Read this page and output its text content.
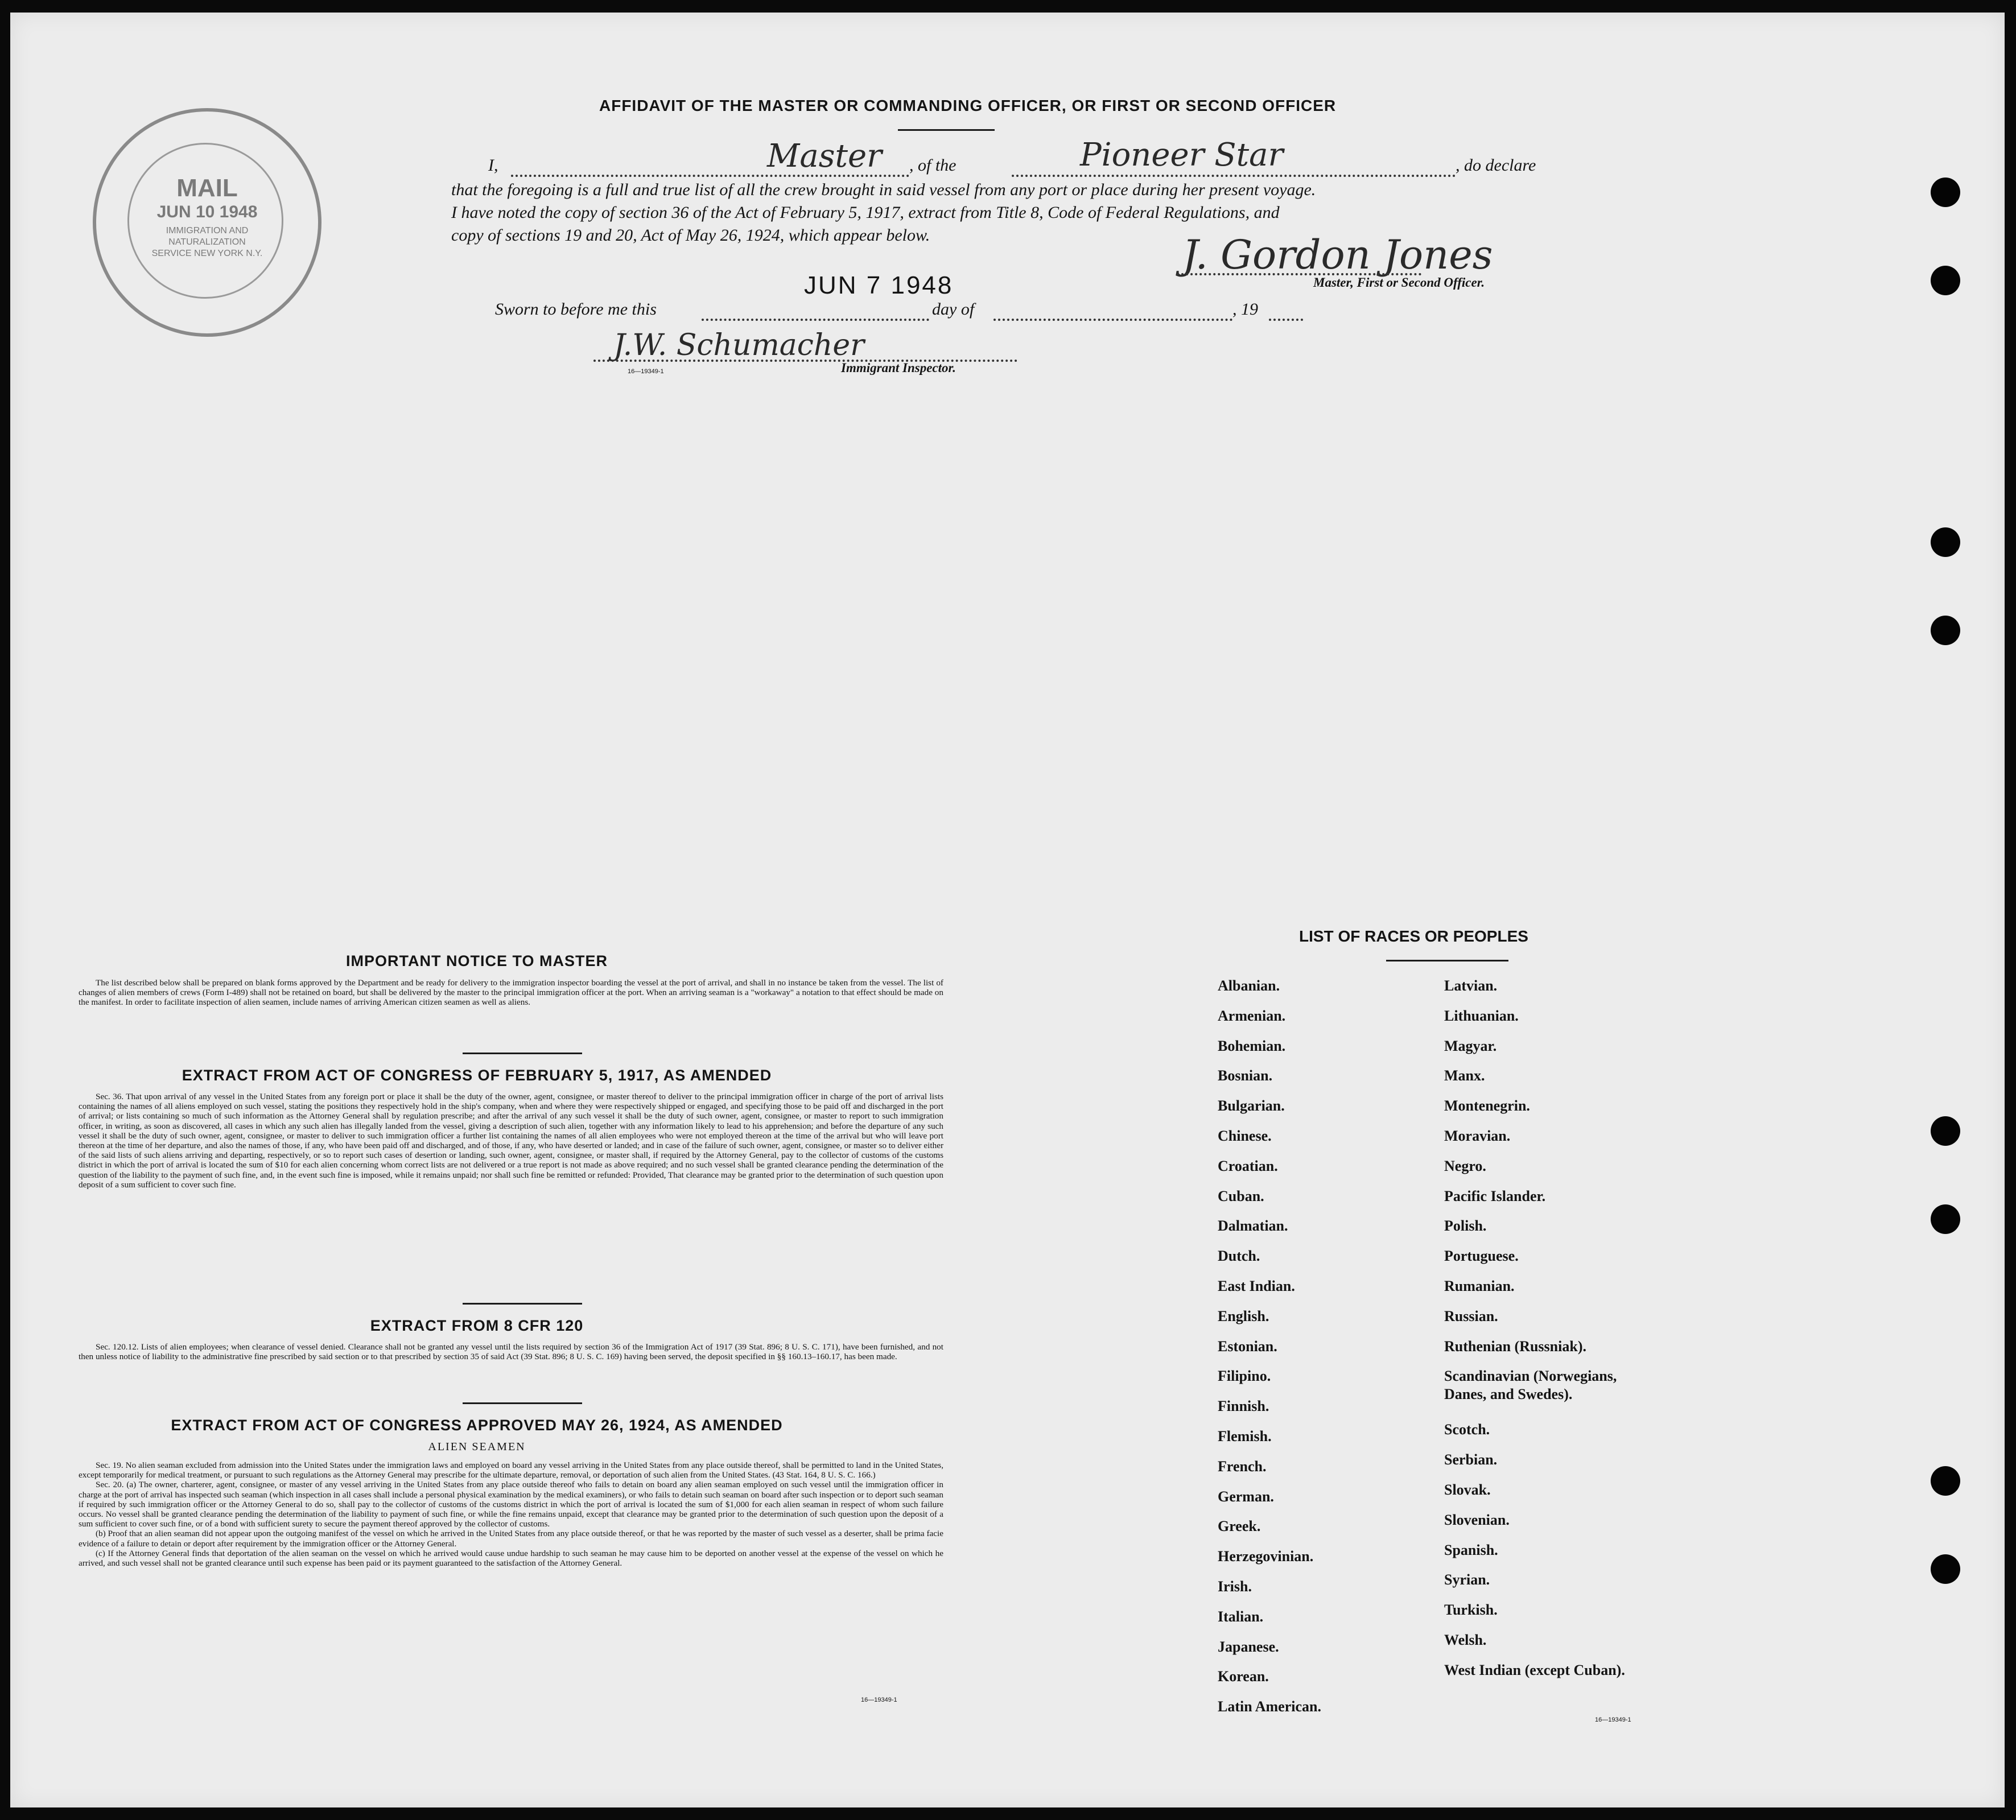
MAIL
JUN 10 1948
IMMIGRATION AND NATURALIZATION SERVICE NEW YORK N.Y.
AFFIDAVIT OF THE MASTER OR COMMANDING OFFICER, OR FIRST OR SECOND OFFICER
I,	Master , of the	Pioneer Star	, do declare
that the foregoing is a full and true list of all the crew brought in said vessel from any port or place during her present voyage.
I have noted the copy of section 36 of the Act of February 5, 1917, extract from Title 8, Code of Federal Regulations, and
copy of sections 19 and 20, Act of May 26, 1924, which appear below.	J. Gordon Jones
Master, First or Second Officer.
Sworn to before me this
JUN 7 1948
day of	, 19
J.W. Schumacher
16—19349-1	Immigrant Inspector.
IMPORTANT NOTICE TO MASTER

The list described below shall be prepared on blank forms approved by the Department and be ready for delivery to the immigration inspector boarding the vessel at the port of arrival, and shall in no instance be taken from the vessel. The list of changes of alien members of crews (Form I-489) shall not be retained on board, but shall be delivered by the master to the principal immigration officer at the port. When an arriving seaman is a "workaway" a notation to that effect should be made on the manifest. In order to facilitate inspection of alien seamen, include names of arriving American citizen seamen as well as aliens.

EXTRACT FROM ACT OF CONGRESS OF FEBRUARY 5, 1917, AS AMENDED

Sec. 36. That upon arrival of any vessel in the United States from any foreign port or place it shall be the duty of the owner, agent, consignee, or master thereof to deliver to the principal immigration officer in charge of the port of arrival lists containing the names of all aliens employed on such vessel, stating the positions they respectively hold in the ship's company, when and where they were respectively shipped or engaged, and specifying those to be paid off and discharged in the port of arrival; or lists containing so much of such information as the Attorney General shall by regulation prescribe; and after the arrival of any such vessel it shall be the duty of such owner, agent, consignee, or master to report to such immigration officer, in writing, as soon as discovered, all cases in which any such alien has illegally landed from the vessel, giving a description of such alien, together with any information likely to lead to his apprehension; and before the departure of any such vessel it shall be the duty of such owner, agent, consignee, or master to deliver to such immigration officer a further list containing the names of all alien employees who were not employed thereon at the time of the arrival but who will leave port thereon at the time of her departure, and also the names of those, if any, who have been paid off and discharged, and of those, if any, who have deserted or landed; and in case of the failure of such owner, agent, consignee, or master so to deliver either of the said lists of such aliens arriving and departing, respectively, or so to report such cases of desertion or landing, such owner, agent, consignee, or master shall, if required by the Attorney General, pay to the collector of customs of the customs district in which the port of arrival is located the sum of $10 for each alien concerning whom correct lists are not delivered or a true report is not made as above required; and no such vessel shall be granted clearance pending the determination of the question of the liability to the payment of such fine, and, in the event such fine is imposed, while it remains unpaid; nor shall such fine be remitted or refunded: Provided, That clearance may be granted prior to the determination of such question upon deposit of a sum sufficient to cover such fine.

EXTRACT FROM 8 CFR 120

Sec. 120.12. Lists of alien employees; when clearance of vessel denied. Clearance shall not be granted any vessel until the lists required by section 36 of the Immigration Act of 1917 (39 Stat. 896; 8 U. S. C. 171), have been furnished, and not then unless notice of liability to the administrative fine prescribed by said section or to that prescribed by section 35 of said Act (39 Stat. 896; 8 U. S. C. 169) having been served, the deposit specified in §§ 160.13–160.17, has been made.

EXTRACT FROM ACT OF CONGRESS APPROVED MAY 26, 1924, AS AMENDED
ALIEN SEAMEN

Sec. 19. No alien seaman excluded from admission into the United States under the immigration laws and employed on board any vessel arriving in the United States from any place outside thereof, shall be permitted to land in the United States, except temporarily for medical treatment, or pursuant to such regulations as the Attorney General may prescribe for the ultimate departure, removal, or deportation of such alien from the United States. (43 Stat. 164, 8 U. S. C. 166.)

Sec. 20. (a) The owner, charterer, agent, consignee, or master of any vessel arriving in the United States from any place outside thereof who fails to detain on board any alien seaman employed on such vessel until the immigration officer in charge at the port of arrival has inspected such seaman (which inspection in all cases shall include a personal physical examination by the medical examiners), or who fails to detain such seaman on board after such inspection or to deport such seaman if required by such immigration officer or the Attorney General to do so, shall pay to the collector of customs of the customs district in which the port of arrival is located the sum of $1,000 for each alien seaman in respect of whom such failure occurs. No vessel shall be granted clearance pending the determination of the liability to payment of such fine, or while the fine remains unpaid, except that clearance may be granted prior to the determination of such question upon the deposit of a sum sufficient to cover such fine, or of a bond with sufficient surety to secure the payment thereof approved by the collector of customs.

(b) Proof that an alien seaman did not appear upon the outgoing manifest of the vessel on which he arrived in the United States from any place outside thereof, or that he was reported by the master of such vessel as a deserter, shall be prima facie evidence of a failure to detain or deport after requirement by the immigration officer or the Attorney General.

(c) If the Attorney General finds that deportation of the alien seaman on the vessel on which he arrived would cause undue hardship to such seaman he may cause him to be deported on another vessel at the expense of the vessel on which he arrived, and such vessel shall not be granted clearance until such expense has been paid or its payment guaranteed to the satisfaction of the Attorney General.

16—19349-1
LIST OF RACES OR PEOPLES
Albanian.
Armenian.
Bohemian.
Bosnian.
Bulgarian.
Chinese.
Croatian.
Cuban.
Dalmatian.
Dutch.
East Indian.
English.
Estonian.
Filipino.
Finnish.
Flemish.
French.
German.
Greek.
Herzegovinian.
Irish.
Italian.
Japanese.
Korean.
Latin American.
Latvian.
Lithuanian.
Magyar.
Manx.
Montenegrin.
Moravian.
Negro.
Pacific Islander.
Polish.
Portuguese.
Rumanian.
Russian.
Ruthenian (Russniak).
Scandinavian (Norwegians,
Danes, and Swedes).
Scotch.
Serbian.
Slovak.
Slovenian.
Spanish.
Syrian.
Turkish.
Welsh.
West Indian (except Cuban).
16—19349-1
